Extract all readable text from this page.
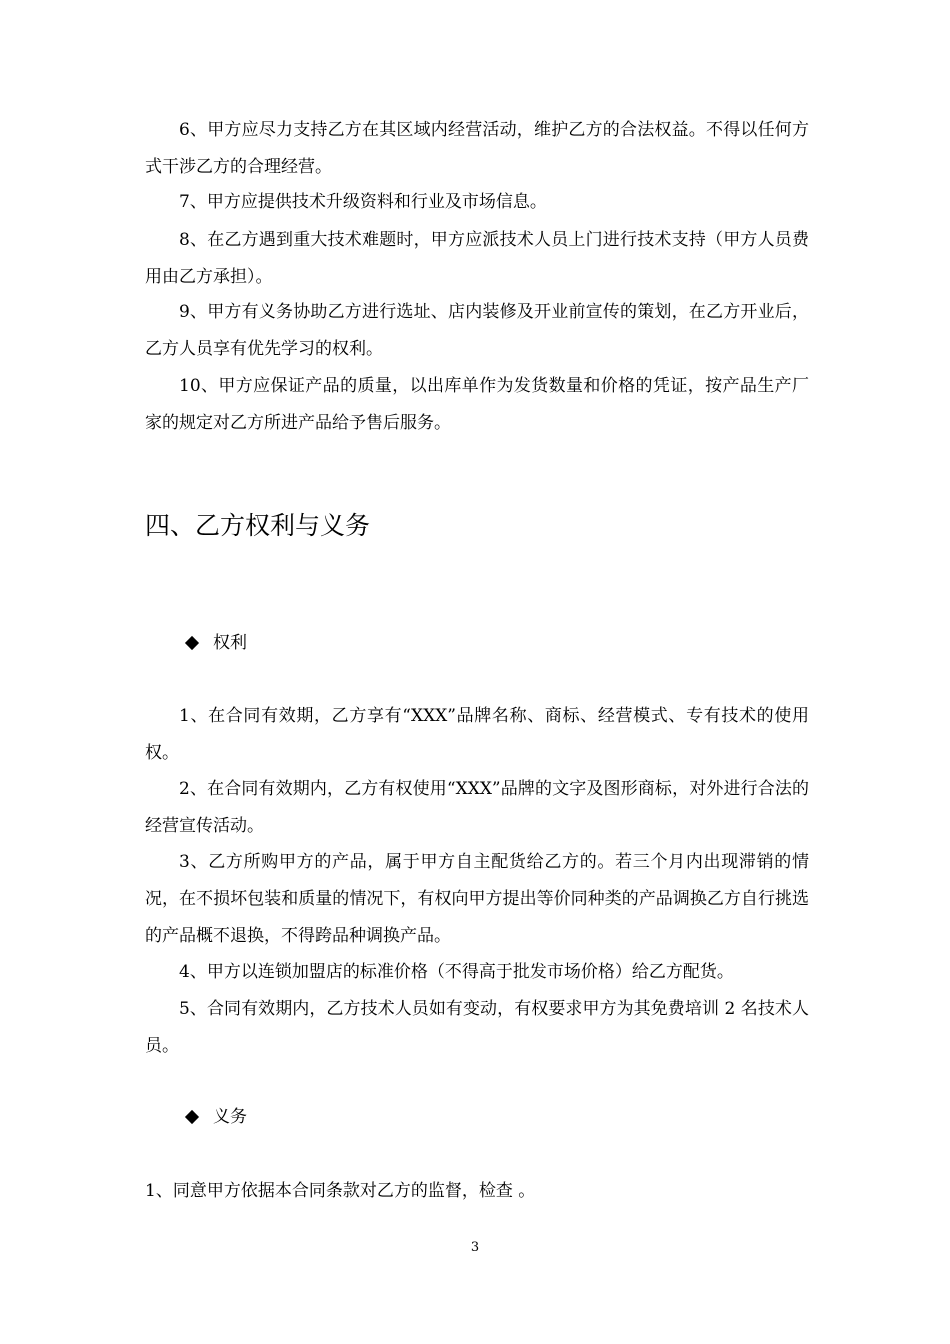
6、甲方应尽力支持乙方在其区域内经营活动，维护乙方的合法权益。不得以任何方式干涉乙方的合理经营。

7、甲方应提供技术升级资料和行业及市场信息。

8、在乙方遇到重大技术难题时，甲方应派技术人员上门进行技术支持（甲方人员费用由乙方承担）。

9、甲方有义务协助乙方进行选址、店内装修及开业前宣传的策划，在乙方开业后，乙方人员享有优先学习的权利。

10、甲方应保证产品的质量，以出库单作为发货数量和价格的凭证，按产品生产厂家的规定对乙方所进产品给予售后服务。

四、乙方权利与义务
权利

1、在合同有效期，乙方享有“XXX”品牌名称、商标、经营模式、专有技术的使用权。

2、在合同有效期内，乙方有权使用“XXX”品牌的文字及图形商标，对外进行合法的经营宣传活动。

3、乙方所购甲方的产品，属于甲方自主配货给乙方的。若三个月内出现滞销的情况，在不损坏包装和质量的情况下，有权向甲方提出等价同种类的产品调换乙方自行挑选的产品概不退换，不得跨品种调换产品。

4、甲方以连锁加盟店的标准价格（不得高于批发市场价格）给乙方配货。

5、合同有效期内，乙方技术人员如有变动，有权要求甲方为其免费培训 2 名技术人员。

义务

1、同意甲方依据本合同条款对乙方的监督，检查 。

3
